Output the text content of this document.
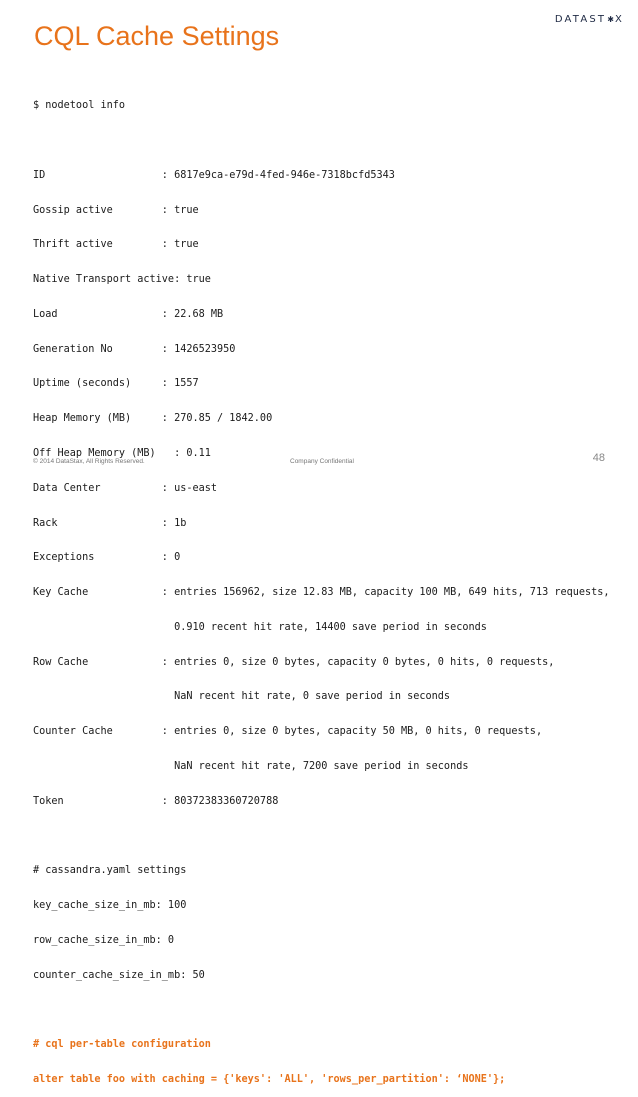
CQL Cache Settings
DATAST ✱ X

$ nodetool info

ID                   : 6817e9ca-e79d-4fed-946e-7318bcfd5343

Gossip active        : true

Thrift active        : true

Native Transport active: true

Load                 : 22.68 MB

Generation No        : 1426523950

Uptime (seconds)     : 1557

Heap Memory (MB)     : 270.85 / 1842.00

Off Heap Memory (MB)   : 0.11

Data Center          : us-east

Rack                 : 1b

Exceptions           : 0

Key Cache            : entries 156962, size 12.83 MB, capacity 100 MB, 649 hits, 713 requests,

0.910 recent hit rate, 14400 save period in seconds

Row Cache            : entries 0, size 0 bytes, capacity 0 bytes, 0 hits, 0 requests,

NaN recent hit rate, 0 save period in seconds

Counter Cache        : entries 0, size 0 bytes, capacity 50 MB, 0 hits, 0 requests,

NaN recent hit rate, 7200 save period in seconds

Token                : 80372383360720788

# cassandra.yaml settings

key_cache_size_in_mb: 100

row_cache_size_in_mb: 0

counter_cache_size_in_mb: 50

# cql per-table configuration

alter table foo with caching = {'keys': 'ALL', 'rows_per_partition': ‘NONE'};

© 2014 DataStax, All Rights Reserved.	Company Confidential	48
